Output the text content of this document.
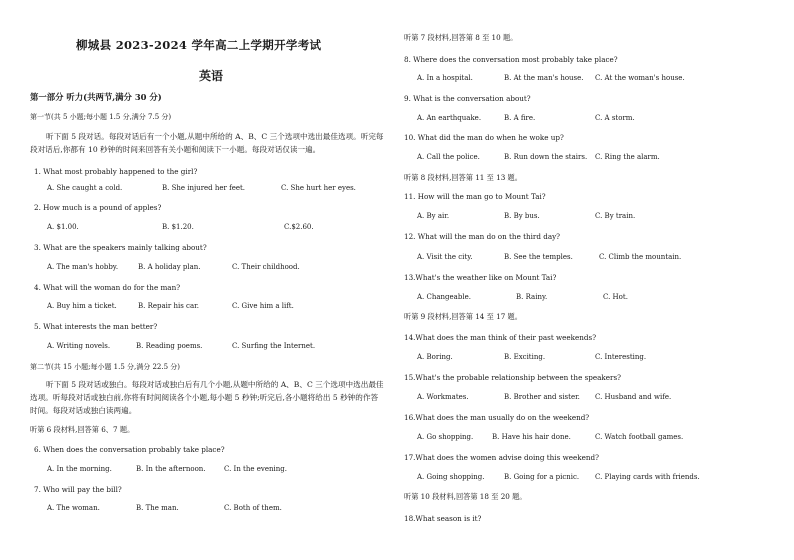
柳城县 2023-2024 学年高二上学期开学考试
英语
第一部分 听力(共两节,满分 30 分)
第一节(共 5 小题;每小题 1.5 分,满分 7.5 分)
听下面 5 段对话。每段对话后有一个小题,从题中所给的 A、B、C 三个选项中选出最佳选项。听完每段对话后,你都有 10 秒钟的时间来回答有关小题和阅读下一小题。每段对话仅读一遍。
1. What most probably happened to the girl?
A. She caught a cold.	B. She injured her feet.	C. She hurt her eyes.
2. How much is a pound of apples?
A. $1.00.	B. $1.20.	C.$2.60.
3. What are the speakers mainly talking about?
A. The man's hobby.	B. A holiday plan.	C. Their childhood.
4. What will the woman do for the man?
A. Buy him a ticket.	B. Repair his car.	C. Give him a lift.
5. What interests the man better?
A. Writing novels.	B. Reading poems.	C. Surfing the Internet.
第二节(共 15 小题;每小题 1.5 分,满分 22.5 分)
听下面 5 段对话或独白。每段对话或独白后有几个小题,从题中所给的 A、B、C 三个选项中选出最佳选项。听每段对话或独白前,你将有时间阅读各个小题,每小题 5 秒钟;听完后,各小题将给出 5 秒钟的作答时间。每段对话或独白读两遍。
听第 6 段材料,回答第 6、7 题。
6. When does the conversation probably take place?
A. In the morning.	B. In the afternoon.	C. In the evening.
7. Who will pay the bill?
A. The woman.	B. The man.	C. Both of them.
听第 7 段材料,回答第 8 至 10 题。
8. Where does the conversation most probably take place?
A. In a hospital.	B. At the man's house. C. At the woman's house.
9. What is the conversation about?
A. An earthquake.	B. A fire.	C. A storm.
10. What did the man do when he woke up?
A. Call the police.	B. Run down the stairs. C. Ring the alarm.
听第 8 段材料,回答第 11 至 13 题。
11. How will the man go to Mount Tai?
A. By air.	B. By bus.	C. By train.
12. What will the man do on the third day?
A. Visit the city.	B. See the temples.	C. Climb the mountain.
13.What's the weather like on Mount Tai?
A. Changeable.	B. Rainy.	C. Hot.
听第 9 段材料,回答第 14 至 17 题。
14.What does the man think of their past weekends?
A. Boring.	B. Exciting.	C. Interesting.
15.What's the probable relationship between the speakers?
A. Workmates.	B. Brother and sister. C. Husband and wife.
16.What does the man usually do on the weekend?
A. Go shopping.	B. Have his hair done.	C. Watch football games.
17.What does the women advise doing this weekend?
A. Going shopping.	B. Going for a picnic. C. Playing cards with friends.
听第 10 段材料,回答第 18 至 20 题。
18.What season is it?
